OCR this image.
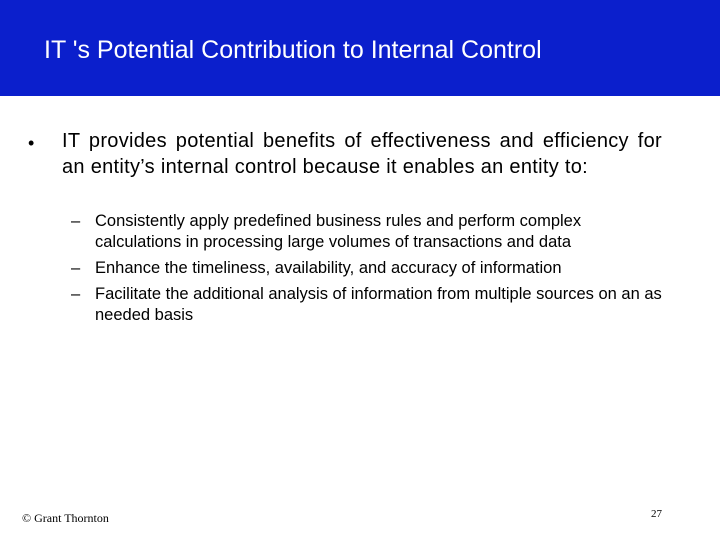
IT 's Potential Contribution to Internal Control
• IT provides potential benefits of effectiveness and efficiency for an entity’s internal control because it enables an entity to:
– Consistently apply predefined business rules and perform complex calculations in processing large volumes of transactions and data
– Enhance the timeliness, availability, and accuracy of information
– Facilitate the additional analysis of information from multiple sources on an as needed basis
© Grant Thornton	27
